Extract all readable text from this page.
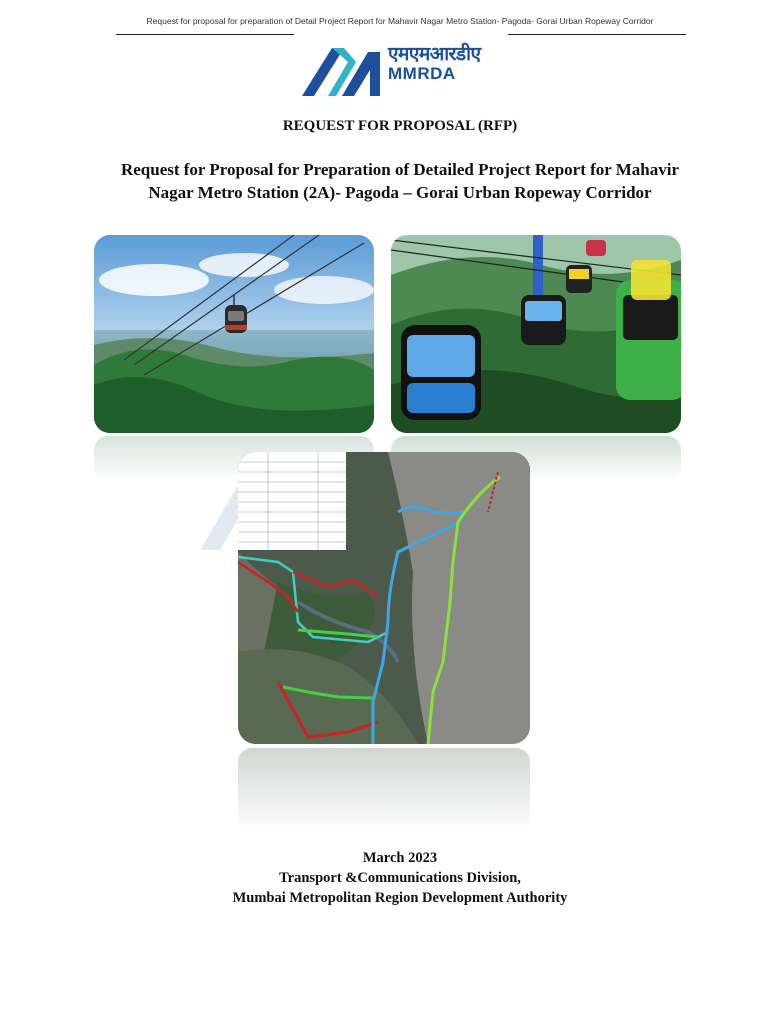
Request for proposal for preparation of Detail Project Report for Mahavir Nagar Metro Station- Pagoda- Gorai Urban Ropeway Corridor
एमएमआरडीए
MMRDA
REQUEST FOR PROPOSAL (RFP)
Request for Proposal for Preparation of Detailed Project Report for Mahavir
Nagar Metro Station (2A)- Pagoda – Gorai Urban Ropeway Corridor
March 2023
Transport &Communications Division,
Mumbai Metropolitan Region Development Authority
